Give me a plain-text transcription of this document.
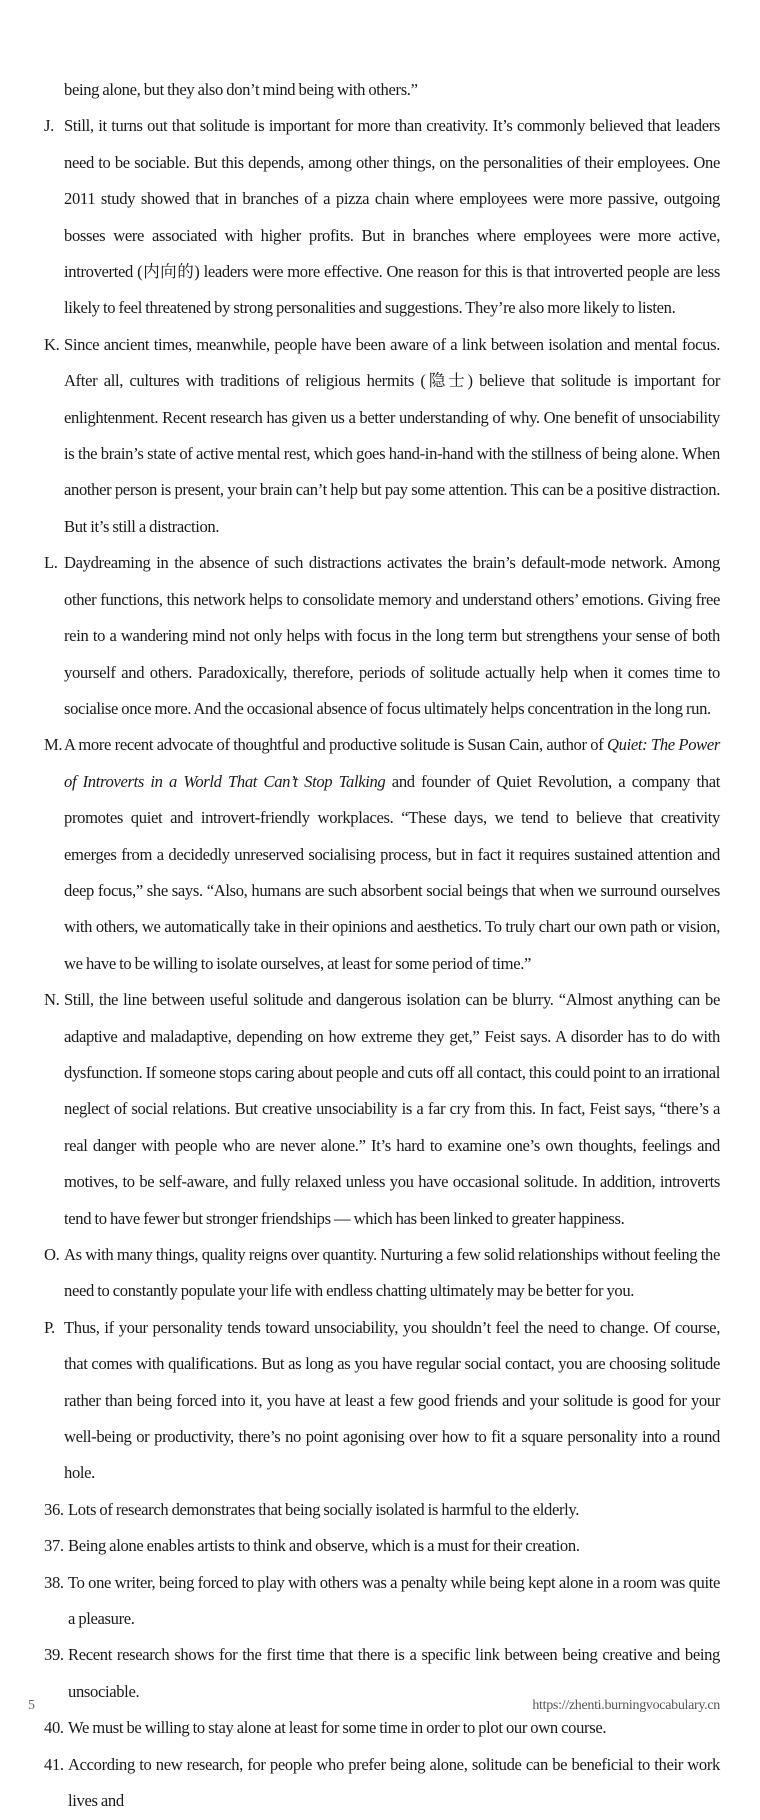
being alone, but they also don’t mind being with others.”
J. Still, it turns out that solitude is important for more than creativity. It’s commonly believed that leaders need to be sociable. But this depends, among other things, on the personalities of their employees. One 2011 study showed that in branches of a pizza chain where employees were more passive, outgoing bosses were associated with higher profits. But in branches where employees were more active, introverted (内向的) leaders were more effective. One reason for this is that introverted people are less likely to feel threatened by strong personalities and suggestions. They’re also more likely to listen.
K. Since ancient times, meanwhile, people have been aware of a link between isolation and mental focus. After all, cultures with traditions of religious hermits (隐士) believe that solitude is important for enlightenment. Recent research has given us a better understanding of why. One benefit of unsociability is the brain’s state of active mental rest, which goes hand-in-hand with the stillness of being alone. When another person is present, your brain can’t help but pay some attention. This can be a positive distraction. But it’s still a distraction.
L. Daydreaming in the absence of such distractions activates the brain’s default-mode network. Among other functions, this network helps to consolidate memory and understand others’ emotions. Giving free rein to a wandering mind not only helps with focus in the long term but strengthens your sense of both yourself and others. Paradoxically, therefore, periods of solitude actually help when it comes time to socialise once more. And the occasional absence of focus ultimately helps concentration in the long run.
M. A more recent advocate of thoughtful and productive solitude is Susan Cain, author of Quiet: The Power of Introverts in a World That Can’t Stop Talking and founder of Quiet Revolution, a company that promotes quiet and introvert-friendly workplaces. “These days, we tend to believe that creativity emerges from a decidedly unreserved socialising process, but in fact it requires sustained attention and deep focus,” she says. “Also, humans are such absorbent social beings that when we surround ourselves with others, we automatically take in their opinions and aesthetics. To truly chart our own path or vision, we have to be willing to isolate ourselves, at least for some period of time.”
N. Still, the line between useful solitude and dangerous isolation can be blurry. “Almost anything can be adaptive and maladaptive, depending on how extreme they get,” Feist says. A disorder has to do with dysfunction. If someone stops caring about people and cuts off all contact, this could point to an irrational neglect of social relations. But creative unsociability is a far cry from this. In fact, Feist says, “there’s a real danger with people who are never alone.” It’s hard to examine one’s own thoughts, feelings and motives, to be self-aware, and fully relaxed unless you have occasional solitude. In addition, introverts tend to have fewer but stronger friendships — which has been linked to greater happiness.
O. As with many things, quality reigns over quantity. Nurturing a few solid relationships without feeling the need to constantly populate your life with endless chatting ultimately may be better for you.
P. Thus, if your personality tends toward unsociability, you shouldn’t feel the need to change. Of course, that comes with qualifications. But as long as you have regular social contact, you are choosing solitude rather than being forced into it, you have at least a few good friends and your solitude is good for your well-being or productivity, there’s no point agonising over how to fit a square personality into a round hole.
36. Lots of research demonstrates that being socially isolated is harmful to the elderly.
37. Being alone enables artists to think and observe, which is a must for their creation.
38. To one writer, being forced to play with others was a penalty while being kept alone in a room was quite a pleasure.
39. Recent research shows for the first time that there is a specific link between being creative and being unsociable.
40. We must be willing to stay alone at least for some time in order to plot our own course.
41. According to new research, for people who prefer being alone, solitude can be beneficial to their work lives and
5	https://zhenti.burningvocabulary.cn
